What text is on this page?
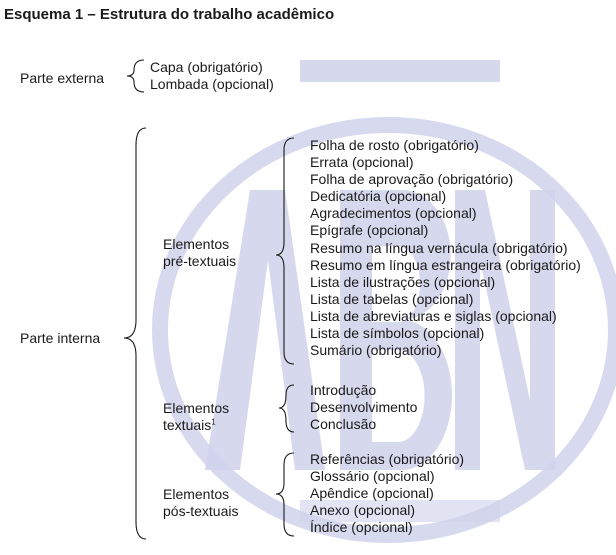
Esquema 1 – Estrutura do trabalho acadêmico
Parte externa
Capa (obrigatório)
Lombada (opcional)
Parte interna
Elementos
pré-textuais
Folha de rosto (obrigatório)
Errata (opcional)
Folha de aprovação (obrigatório)
Dedicatória (opcional)
Agradecimentos (opcional)
Epígrafe (opcional)
Resumo na língua vernácula (obrigatório)
Resumo em língua estrangeira (obrigatório)
Lista de ilustrações (opcional)
Lista de tabelas (opcional)
Lista de abreviaturas e siglas (opcional)
Lista de símbolos (opcional)
Sumário (obrigatório)
Elementos
textuais$^1$
Introdução
Desenvolvimento
Conclusão
Elementos
pós-textuais
Referências (obrigatório)
Glossário (opcional)
Apêndice (opcional)
Anexo (opcional)
Índice (opcional)
